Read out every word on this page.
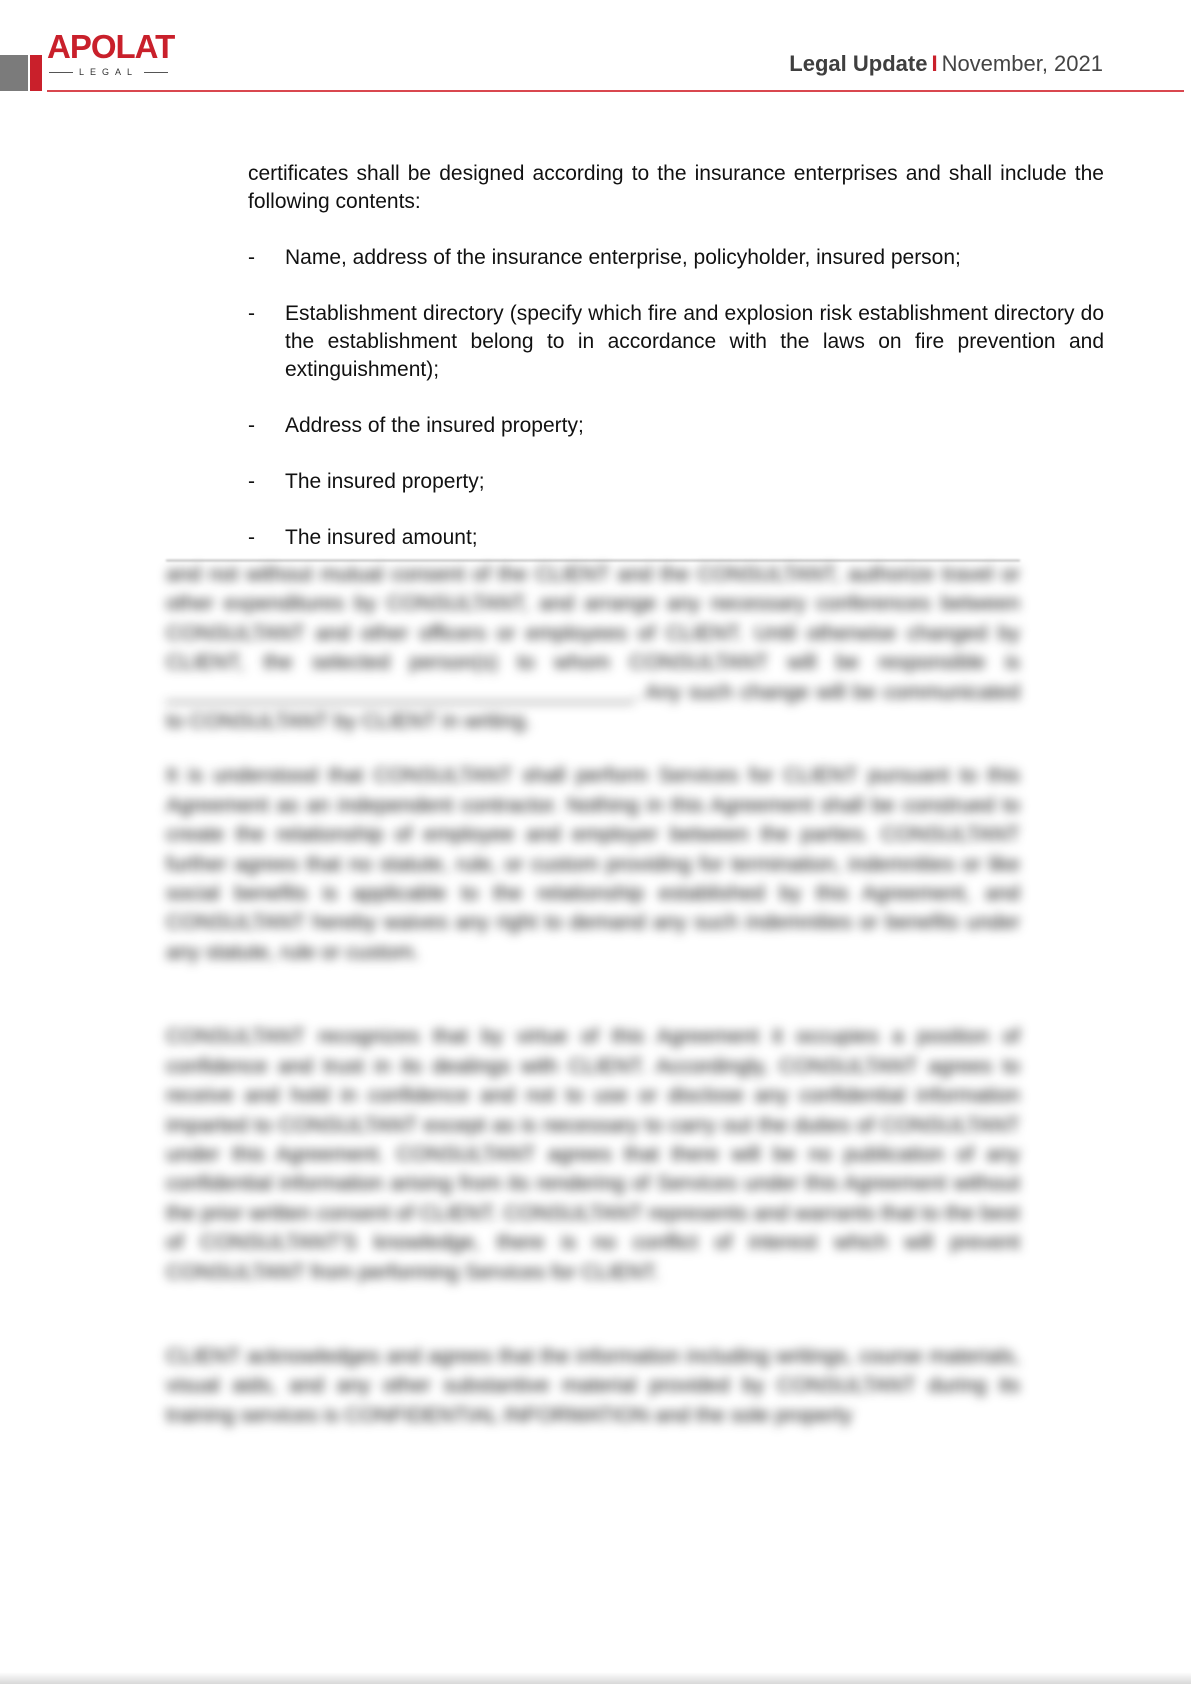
APOLAT
LEGAL	Legal Update I November, 2021

certificates shall be designed according to the insurance enterprises and shall include the following contents:

- Name, address of the insurance enterprise, policyholder, insured person;
- Establishment directory (specify which fire and explosion risk establishment directory do the establishment belong to in accordance with the laws on fire prevention and extinguishment);
- Address of the insured property;
- The insured property;
- The insured amount;

and not without mutual consent of the CLIENT and the CONSULTANT, authorize travel or other expenditures by CONSULTANT, and arrange any necessary conferences between CONSULTANT and other officers or employees of CLIENT. Until otherwise changed by CLIENT, the selected person(s) to whom CONSULTANT will be responsible is ________________________________________. Any such change will be communicated to CONSULTANT by CLIENT in writing.

It is understood that CONSULTANT shall perform Services for CLIENT pursuant to this Agreement as an independent contractor. Nothing in this Agreement shall be construed to create the relationship of employee and employer between the parties. CONSULTANT further agrees that no statute, rule, or custom providing for termination, indemnities or like social benefits is applicable to the relationship established by this Agreement, and CONSULTANT hereby waives any right to demand any such indemnities or benefits under any statute, rule or custom.

CONSULTANT recognizes that by virtue of this Agreement it occupies a position of confidence and trust in its dealings with CLIENT. Accordingly, CONSULTANT agrees to receive and hold in confidence and not to use or disclose any confidential information imparted to CONSULTANT except as is necessary to carry out the duties of CONSULTANT under this Agreement. CONSULTANT agrees that there will be no publication of any confidential information arising from its rendering of Services under this Agreement without the prior written consent of CLIENT. CONSULTANT represents and warrants that to the best of CONSULTANT'S knowledge, there is no conflict of interest which will prevent CONSULTANT from performing Services for CLIENT.

CLIENT acknowledges and agrees that the information including writings, course materials, visual aids, and any other substantive material provided by CONSULTANT during its training services is CONFIDENTIAL INFORMATION and the sole property
